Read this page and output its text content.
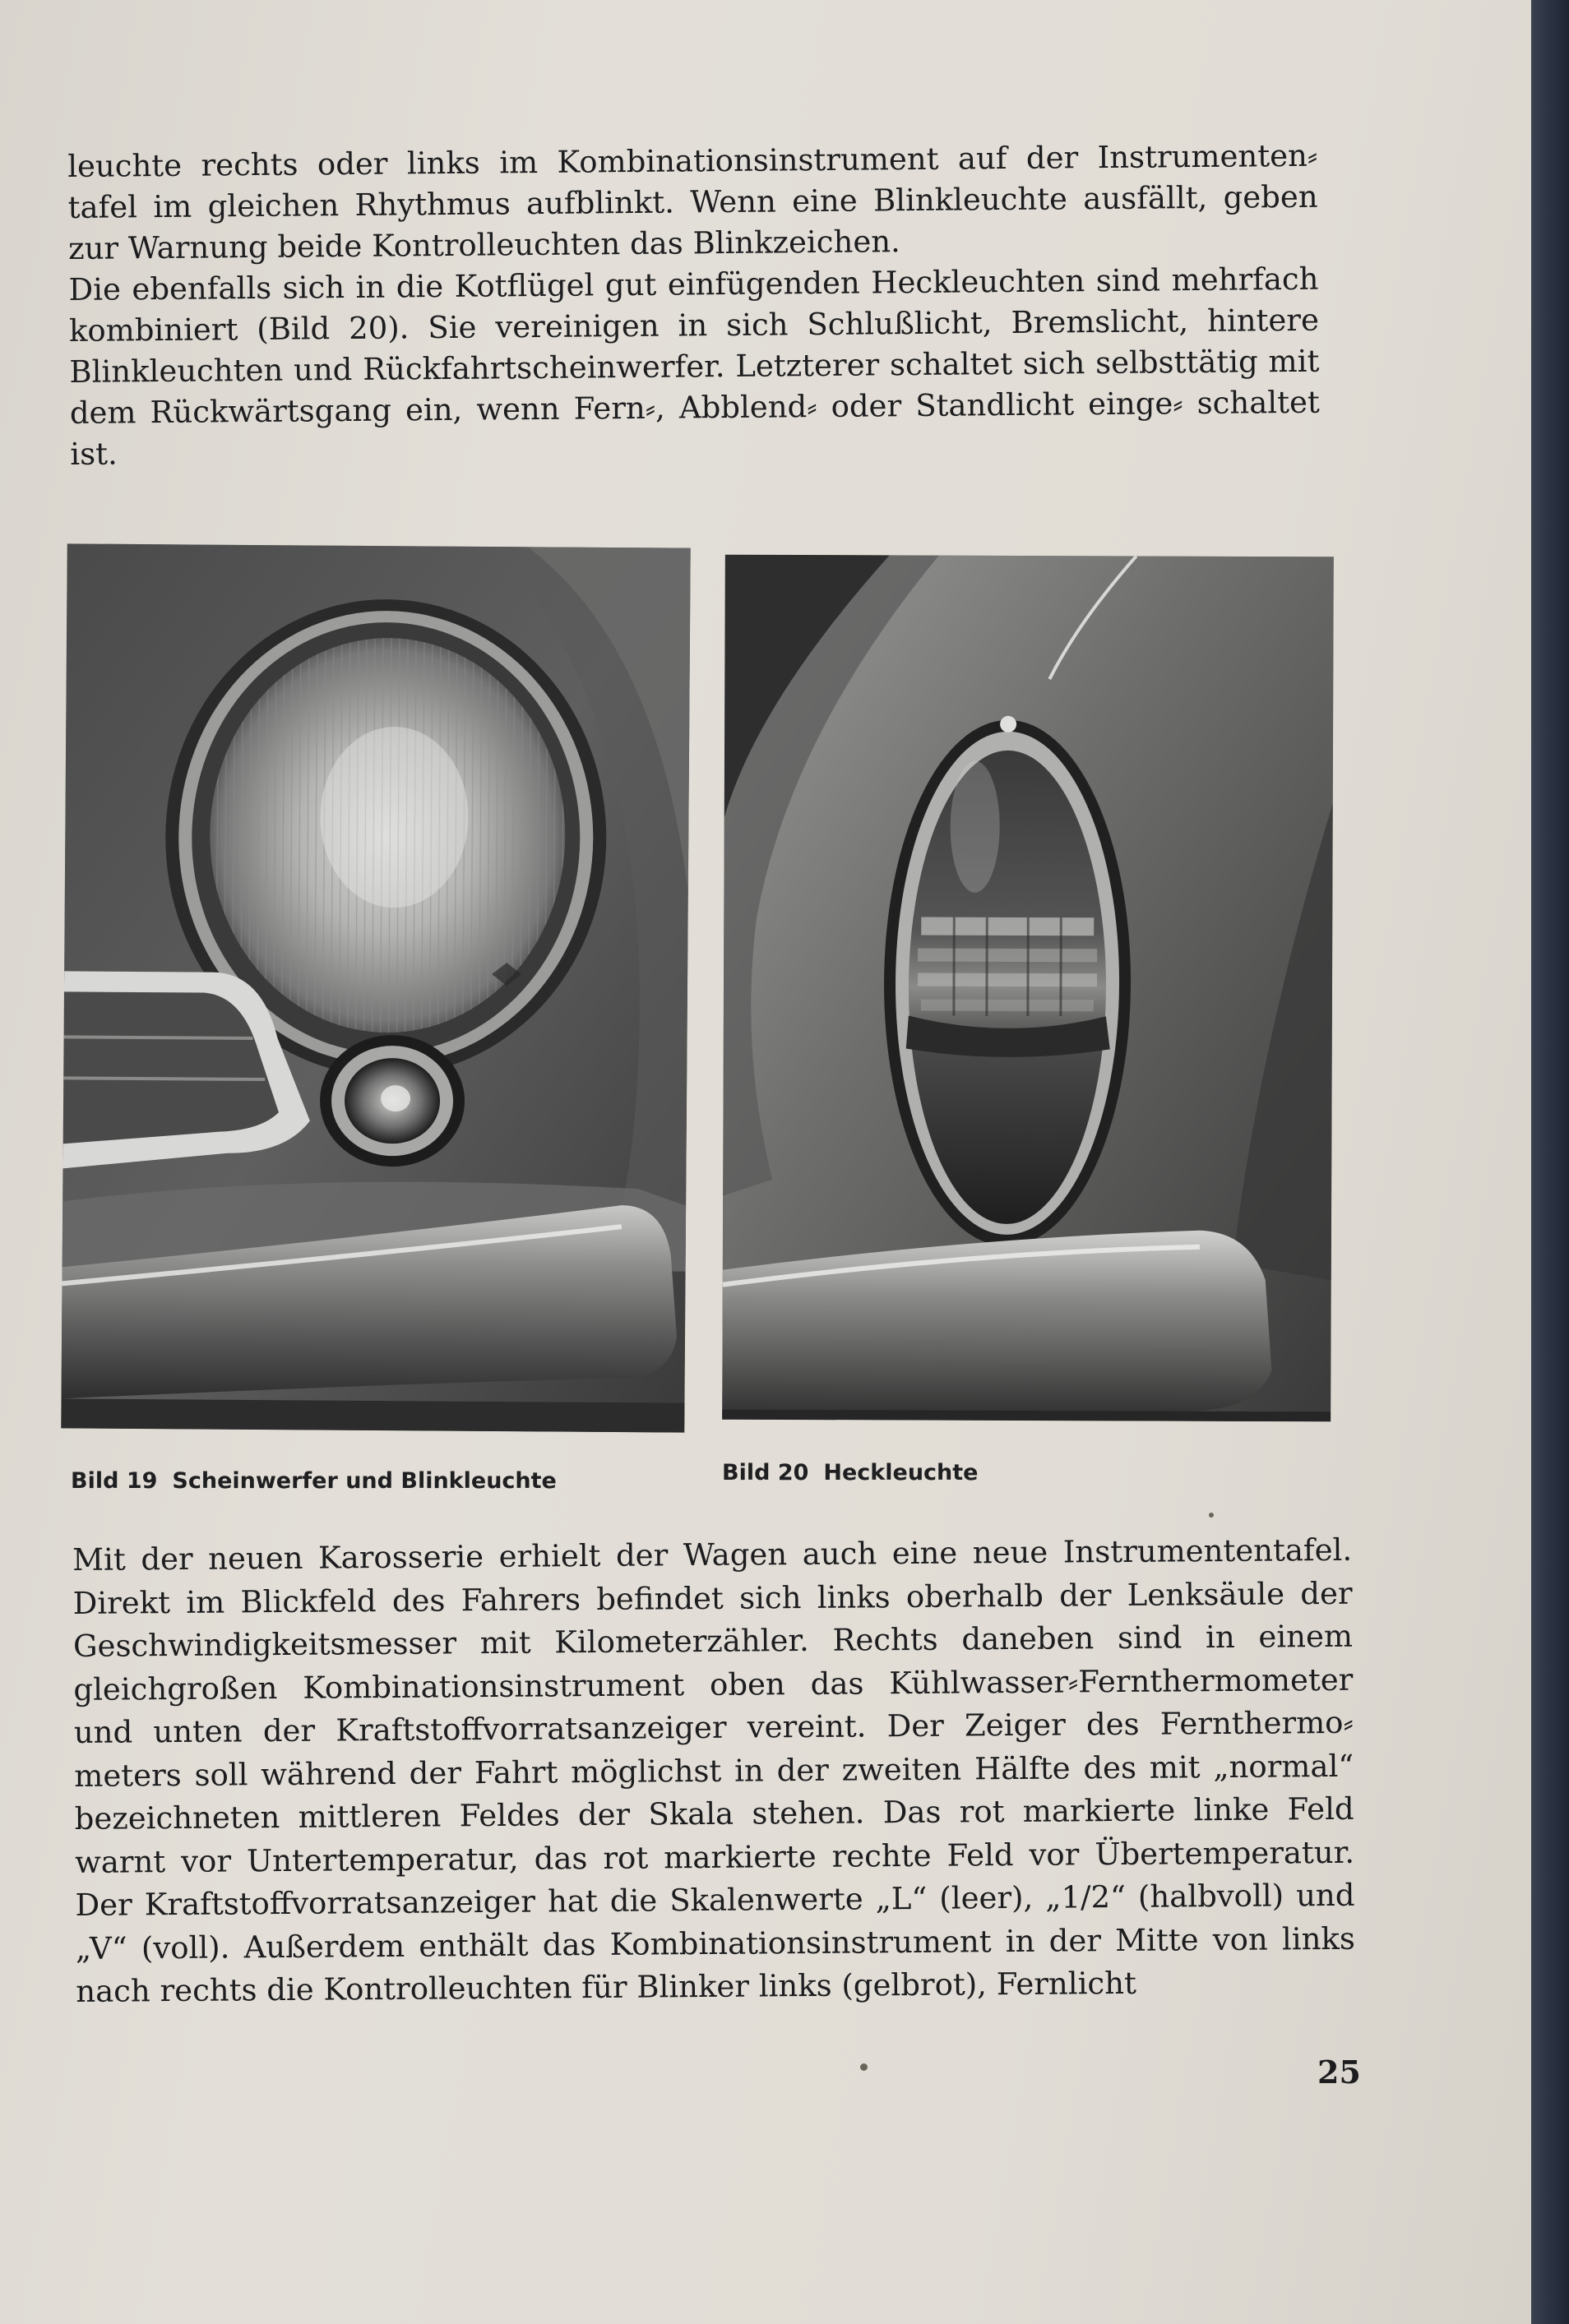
leuchte rechts oder links im Kombinationsinstrument auf der Instrumenten⸗ tafel im gleichen Rhythmus aufblinkt. Wenn eine Blinkleuchte ausfällt, geben zur Warnung beide Kontrolleuchten das Blinkzeichen.

Die ebenfalls sich in die Kotflügel gut einfügenden Heckleuchten sind mehrfach kombiniert (Bild 20). Sie vereinigen in sich Schlußlicht, Bremslicht, hintere Blinkleuchten und Rückfahrtscheinwerfer. Letzterer schaltet sich selbsttätig mit dem Rückwärtsgang ein, wenn Fern⸗, Abblend⸗ oder Standlicht einge⸗ schaltet ist.

Bild 19 Scheinwerfer und Blinkleuchte	Bild 20 Heckleuchte

Mit der neuen Karosserie erhielt der Wagen auch eine neue Instrumententafel. Direkt im Blickfeld des Fahrers befindet sich links oberhalb der Lenksäule der Geschwindigkeitsmesser mit Kilometerzähler. Rechts daneben sind in einem gleichgroßen Kombinationsinstrument oben das Kühlwasser⸗Fernthermometer und unten der Kraftstoffvorratsanzeiger vereint. Der Zeiger des Fernthermo⸗ meters soll während der Fahrt möglichst in der zweiten Hälfte des mit „normal“ bezeichneten mittleren Feldes der Skala stehen. Das rot markierte linke Feld warnt vor Untertemperatur, das rot markierte rechte Feld vor Übertemperatur. Der Kraftstoffvorratsanzeiger hat die Skalenwerte „L“ (leer), „1/2“ (halbvoll) und „V“ (voll). Außerdem enthält das Kombinationsinstrument in der Mitte von links nach rechts die Kontrolleuchten für Blinker links (gelbrot), Fernlicht

25
